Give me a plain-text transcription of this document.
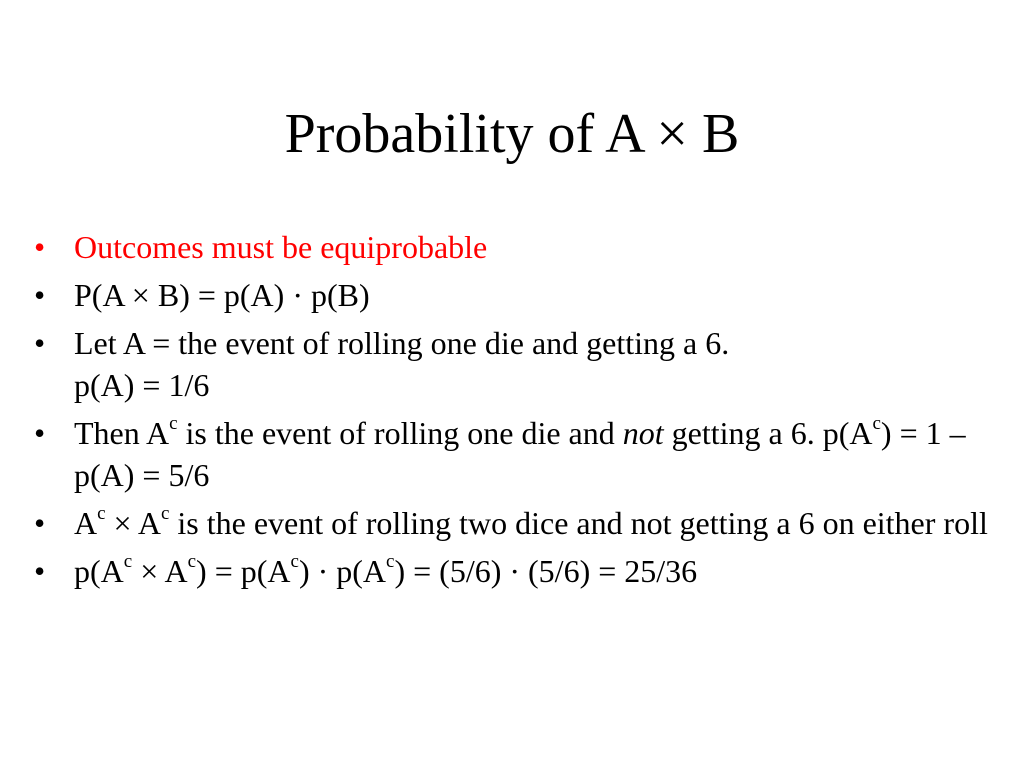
Probability of A × B
• Outcomes must be equiprobable
• P(A × B) = p(A) · p(B)
• Let A = the event of rolling one die and getting a 6.
p(A) = 1/6
• Then $A^c$ is the event of rolling one die and not getting a 6. $p(A^c) = 1 - p(A) = 5/6$
• $A^c \times A^c$ is the event of rolling two dice and not getting a 6 on either roll
• $p(A^c \times A^c) = p(A^c) \cdot p(A^c) = (5/6) \cdot (5/6) = 25/36$
